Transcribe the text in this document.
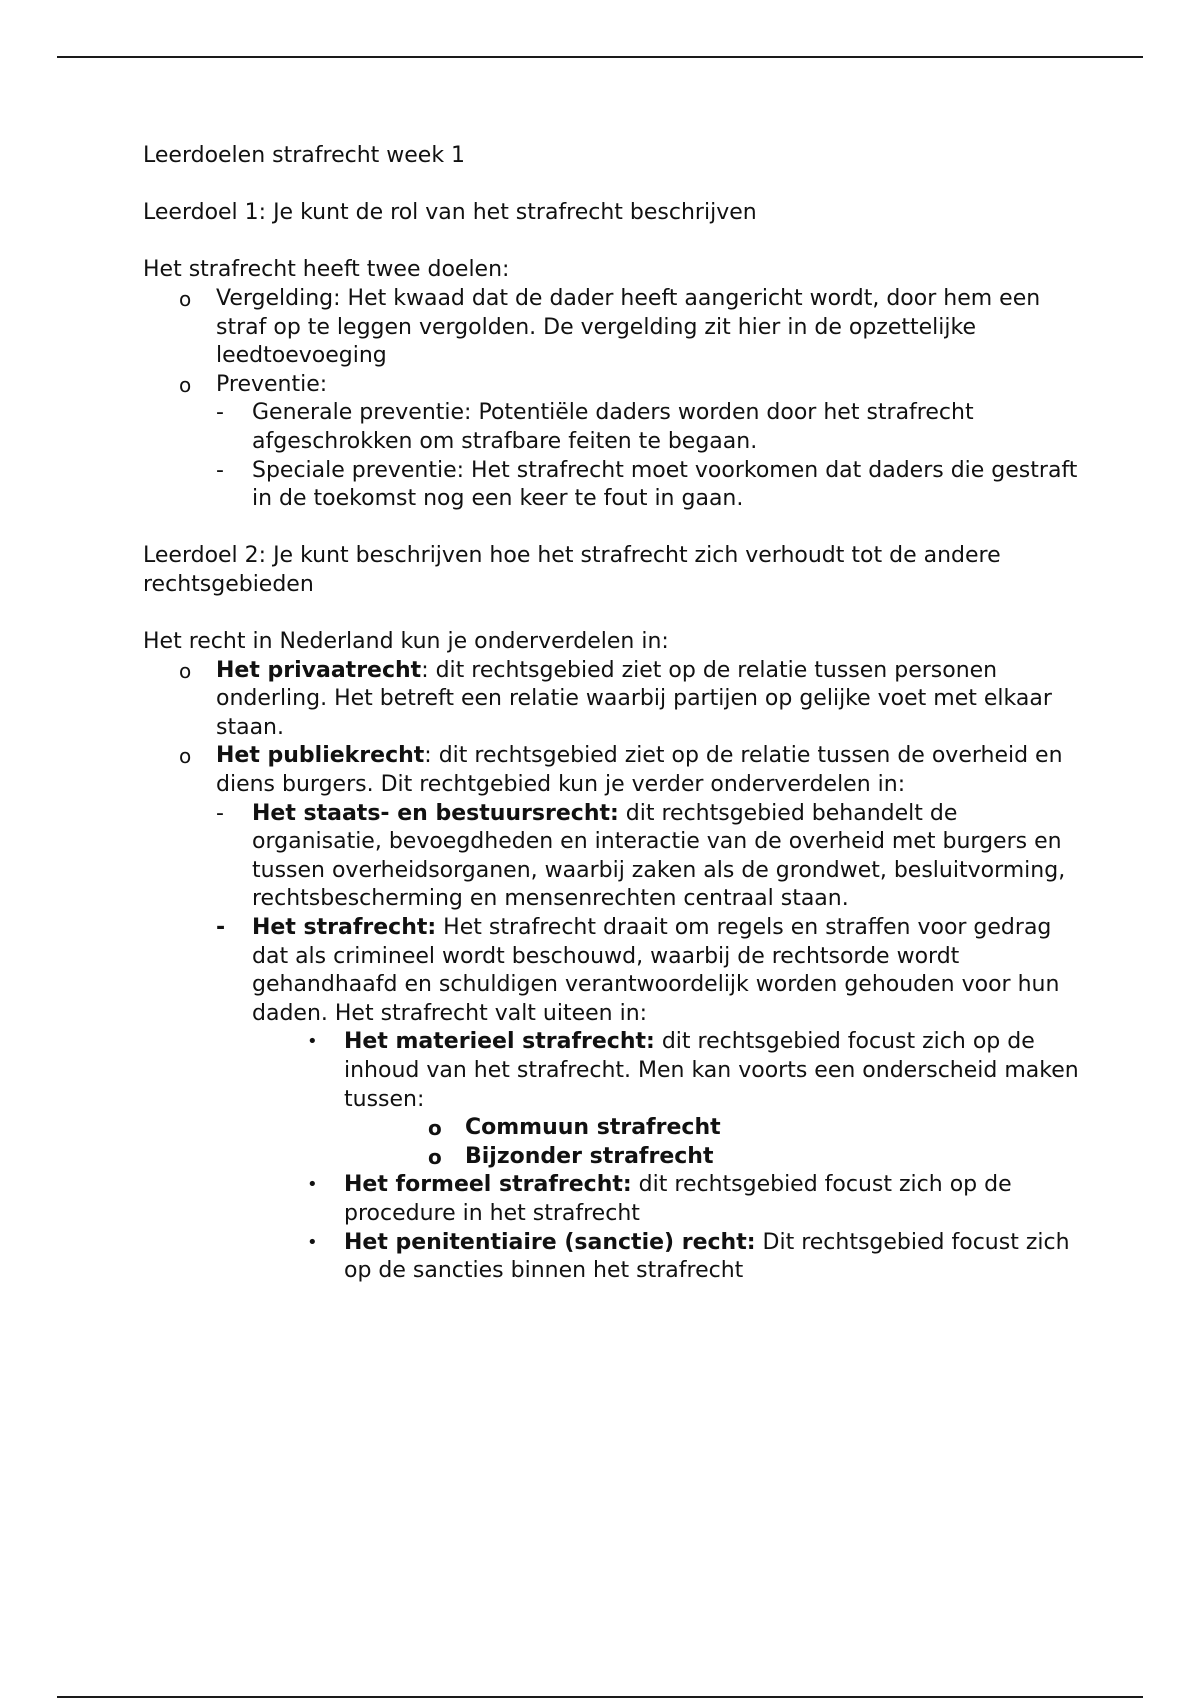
Leerdoelen strafrecht week 1

Leerdoel 1: Je kunt de rol van het strafrecht beschrijven

Het strafrecht heeft twee doelen:

o Vergelding: Het kwaad dat de dader heeft aangericht wordt, door hem een straf op te leggen vergolden. De vergelding zit hier in de opzettelijke leedtoevoeging
o Preventie:
- Generale preventie: Potentiële daders worden door het strafrecht afgeschrokken om strafbare feiten te begaan.
- Speciale preventie: Het strafrecht moet voorkomen dat daders die gestraft in de toekomst nog een keer te fout in gaan.

Leerdoel 2: Je kunt beschrijven hoe het strafrecht zich verhoudt tot de andere rechtsgebieden

Het recht in Nederland kun je onderverdelen in:

o Het privaatrecht: dit rechtsgebied ziet op de relatie tussen personen onderling. Het betreft een relatie waarbij partijen op gelijke voet met elkaar staan.
o Het publiekrecht: dit rechtsgebied ziet op de relatie tussen de overheid en diens burgers. Dit rechtgebied kun je verder onderverdelen in:
- Het staats- en bestuursrecht: dit rechtsgebied behandelt de organisatie, bevoegdheden en interactie van de overheid met burgers en tussen overheidsorganen, waarbij zaken als de grondwet, besluitvorming, rechtsbescherming en mensenrechten centraal staan.
- Het strafrecht: Het strafrecht draait om regels en straffen voor gedrag dat als crimineel wordt beschouwd, waarbij de rechtsorde wordt gehandhaafd en schuldigen verantwoordelijk worden gehouden voor hun daden. Het strafrecht valt uiteen in:
• Het materieel strafrecht: dit rechtsgebied focust zich op de inhoud van het strafrecht. Men kan voorts een onderscheid maken tussen:
o Commuun strafrecht
o Bijzonder strafrecht
• Het formeel strafrecht: dit rechtsgebied focust zich op de procedure in het strafrecht
• Het penitentiaire (sanctie) recht: Dit rechtsgebied focust zich op de sancties binnen het strafrecht
